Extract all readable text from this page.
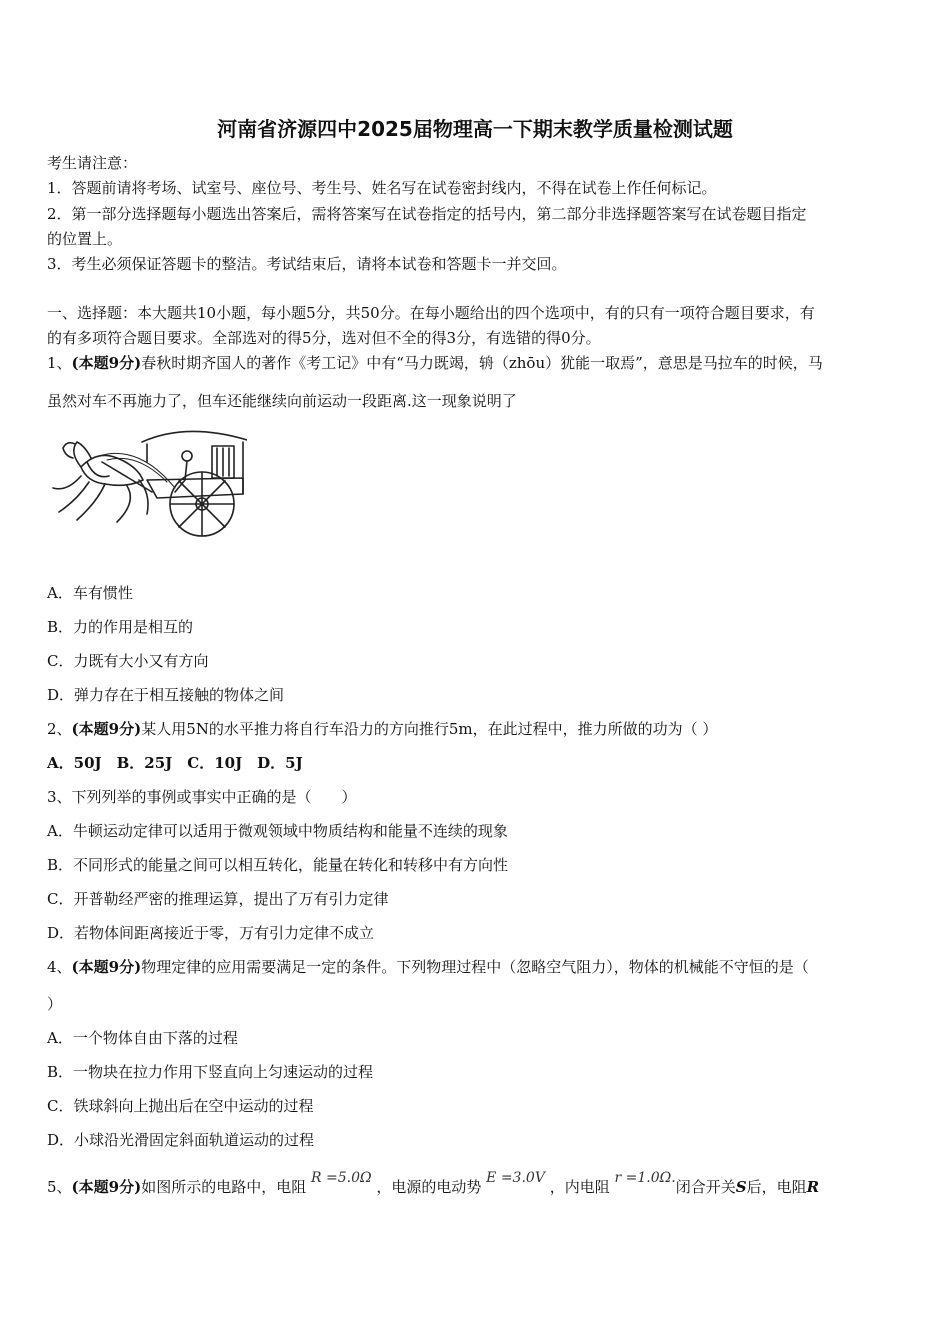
河南省济源四中2025届物理高一下期末教学质量检测试题
考生请注意：
1．答题前请将考场、试室号、座位号、考生号、姓名写在试卷密封线内，不得在试卷上作任何标记。
2．第一部分选择题每小题选出答案后，需将答案写在试卷指定的括号内，第二部分非选择题答案写在试卷题目指定
的位置上。
3．考生必须保证答题卡的整洁。考试结束后，请将本试卷和答题卡一并交回。
一、选择题：本大题共10小题，每小题5分，共50分。在每小题给出的四个选项中，有的只有一项符合题目要求，有
的有多项符合题目要求。全部选对的得5分，选对但不全的得3分，有选错的得0分。
1、(本题9分)春秋时期齐国人的著作《考工记》中有“马力既竭，辀（zhōu）犹能一取焉”，意思是马拉车的时候，马
虽然对车不再施力了，但车还能继续向前运动一段距离.这一现象说明了
A．车有惯性
B．力的作用是相互的
C．力既有大小又有方向
D．弹力存在于相互接触的物体之间
2、(本题9分)某人用5N的水平推力将自行车沿力的方向推行5m，在此过程中，推力所做的功为（ ）
A．50J　B．25J　C．10J　D．5J
3、下列列举的事例或事实中正确的是（　　）
A．牛顿运动定律可以适用于微观领域中物质结构和能量不连续的现象
B．不同形式的能量之间可以相互转化，能量在转化和转移中有方向性
C．开普勒经严密的推理运算，提出了万有引力定律
D．若物体间距离接近于零，万有引力定律不成立
4、(本题9分)物理定律的应用需要满足一定的条件。下列物理过程中（忽略空气阻力），物体的机械能不守恒的是（
）
A．一个物体自由下落的过程
B．一物块在拉力作用下竖直向上匀速运动的过程
C．铁球斜向上抛出后在空中运动的过程
D．小球沿光滑固定斜面轨道运动的过程
5、(本题9分)如图所示的电路中，电阻 R =5.0Ω ，电源的电动势 E =3.0V ，内电阻 r =1.0Ω.闭合开关S后，电阻R
